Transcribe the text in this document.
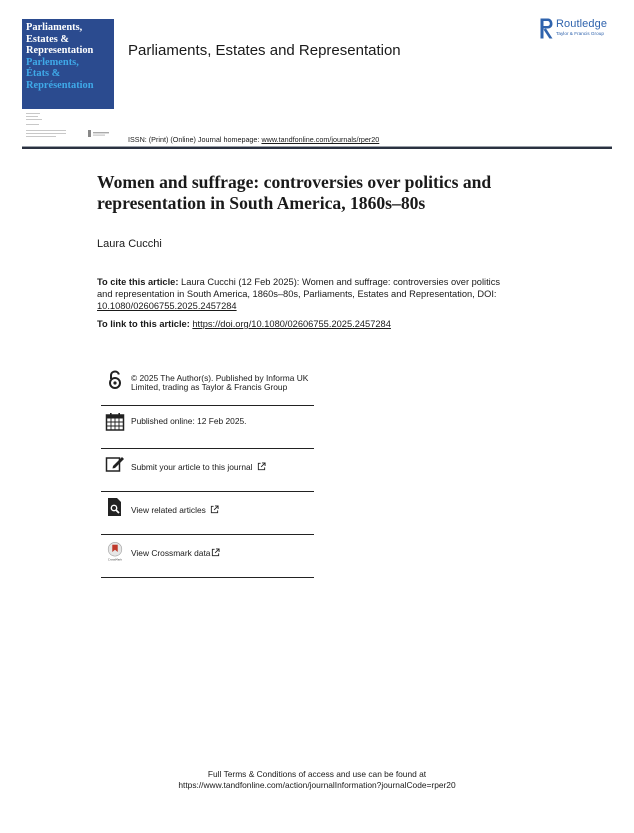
Parliaments,
Estates &
Representation
Parlements,
États &
Représentation
Parliaments, Estates and Representation
Routledge
Taylor & Francis Group
ISSN: (Print) (Online) Journal homepage: www.tandfonline.com/journals/rper20
Women and suffrage: controversies over politics and representation in South America, 1860s–80s
Laura Cucchi
To cite this article: Laura Cucchi (12 Feb 2025): Women and suffrage: controversies over politics and representation in South America, 1860s–80s, Parliaments, Estates and Representation, DOI: 10.1080/02606755.2025.2457284
To link to this article: https://doi.org/10.1080/02606755.2025.2457284
© 2025 The Author(s). Published by Informa UK Limited, trading as Taylor & Francis Group
Published online: 12 Feb 2025.
Submit your article to this journal
View related articles
CrossMark
View Crossmark data
Full Terms & Conditions of access and use can be found at
https://www.tandfonline.com/action/journalInformation?journalCode=rper20
